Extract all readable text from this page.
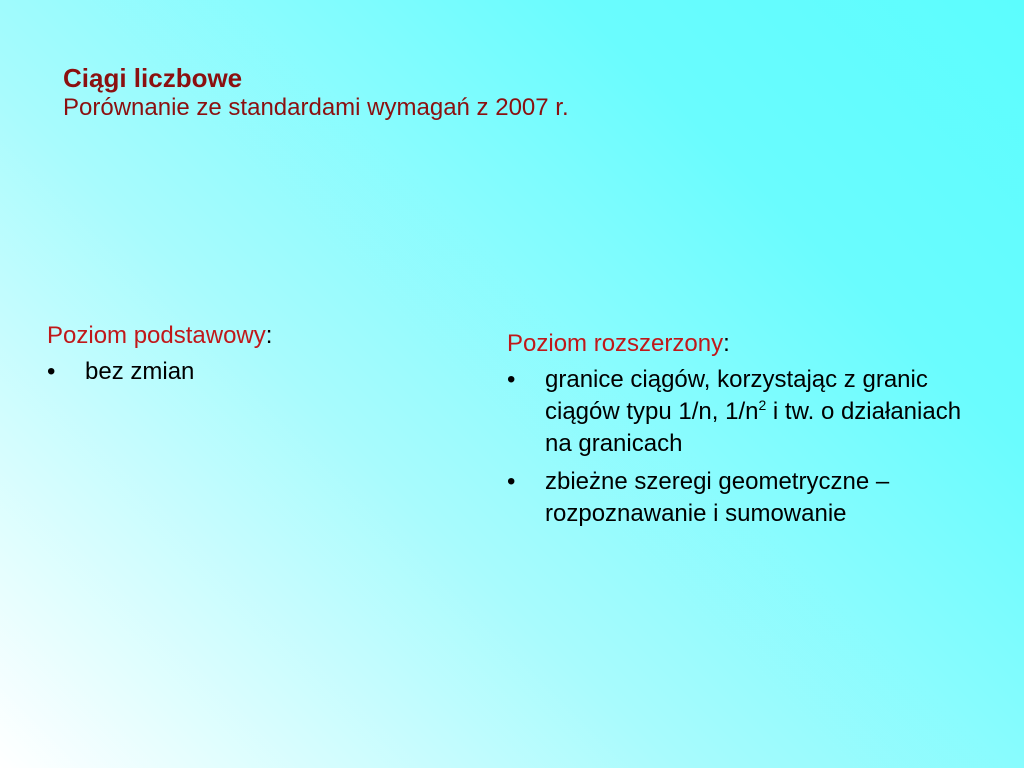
Ciągi liczbowe

Porównanie ze standardami wymagań z 2007 r.

Poziom podstawowy:

• bez zmian

Poziom rozszerzony:

• granice ciągów, korzystając z granic ciągów typu 1/n, $1/n^2$ i tw. o działaniach na granicach
• zbieżne szeregi geometryczne – rozpoznawanie i sumowanie
